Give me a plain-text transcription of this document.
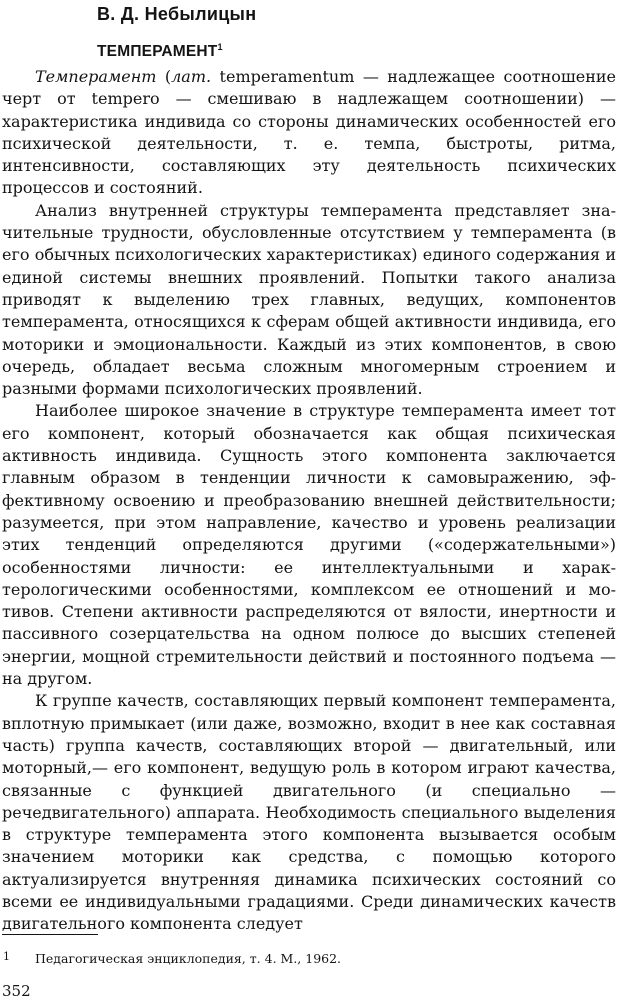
В. Д. Небылицын
ТЕМПЕРАМЕНТ$^1$

Темперамент (лат. temperamentum — надлежащее соотношение черт от tempero — смешиваю в надлежащем соотношении) — характеристика индивида со стороны динамических особенностей его психической деятельности, т. е. темпа, быстроты, ритма, интенсивности, составляющих эту деятельность психических процессов и состояний.

Анализ внутренней структуры темперамента представляет значительные трудности, обусловленные отсутствием у темперамента (в его обычных психологических характеристиках) единого содержания и единой системы внешних проявлений. Попытки такого анализа приводят к выделению трех главных, ведущих, компонентов темперамента, относящихся к сферам общей активности индивида, его моторики и эмоциональности. Каждый из этих компонентов, в свою очередь, обладает весьма сложным многомерным строением и разными формами психологических проявлений.

Наиболее широкое значение в структуре темперамента имеет тот его компонент, который обозначается как общая психическая активность индивида. Сущность этого компонента заключается главным образом в тенденции личности к самовыражению, эффективному освоению и преобразованию внешней действительности; разумеется, при этом направление, качество и уровень реализации этих тенденций определяются другими («содержательными») особенностями личности: ее интеллектуальными и характерологическими особенностями, комплексом ее отношений и мотивов. Степени активности распределяются от вялости, инертности и пассивного созерцательства на одном полюсе до высших степеней энергии, мощной стремительности действий и постоянного подъема — на другом.

К группе качеств, составляющих первый компонент темперамента, вплотную примыкает (или даже, возможно, входит в нее как составная часть) группа качеств, составляющих второй — двигательный, или моторный,— его компонент, ведущую роль в котором играют качества, связанные с функцией двигательного (и специально — речедвигательного) аппарата. Необходимость специального выделения в структуре темперамента этого компонента вызывается особым значением моторики как средства, с помощью которого актуализируется внутренняя динамика психических состояний со всеми ее индивидуальными градациями. Среди динамических качеств двигательного компонента следует

1 Педагогическая энциклопедия, т. 4. М., 1962.
352
